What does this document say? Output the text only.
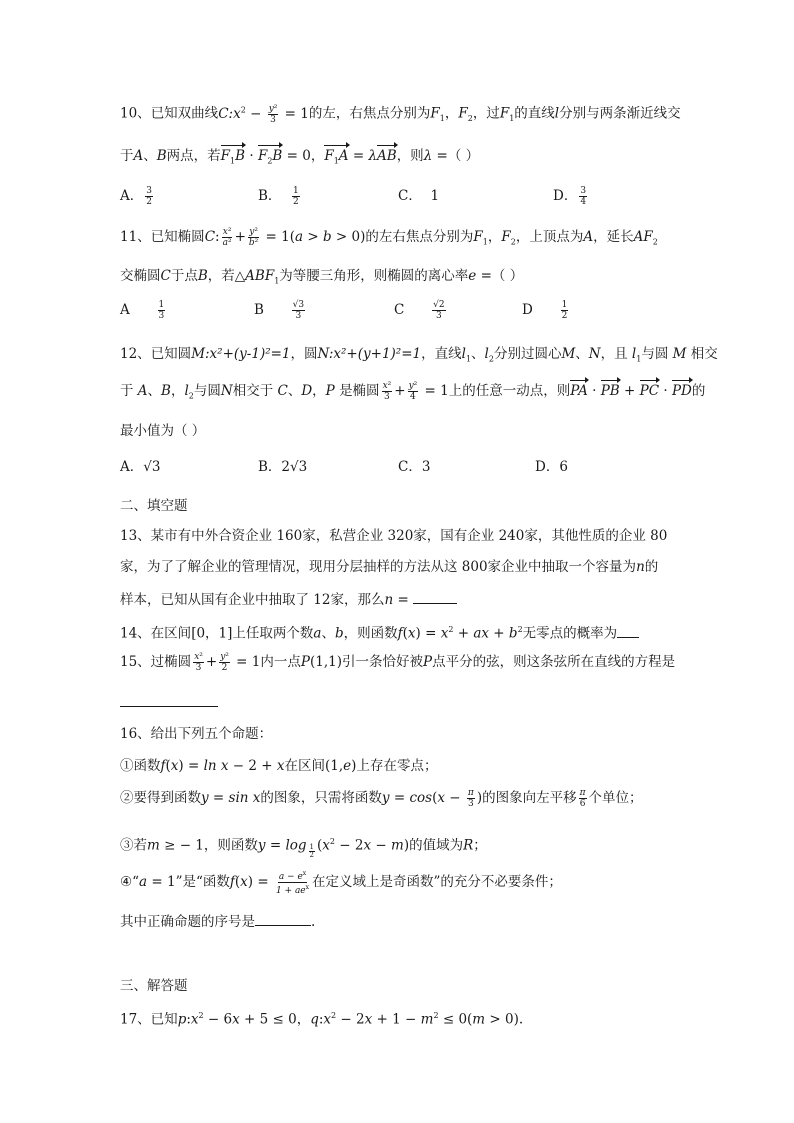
10、已知双曲线$C:x^2 - \frac{\text{y²}}{3} = 1$的左，右焦点分别为$F_1$，$F_2$，过$F_1$的直线l分别与两条渐近线交
于A、B两点，若$F_1B \cdot F_2B = 0$，$F_1A = \lambda AB$，则λ =（ ）
A． $\frac{3}{2}$	B． $\frac{1}{2}$	C． 1	D． $\frac{3}{4}$
11、已知椭圆C: $\frac{\text{x²}}{\text{a²}} + \frac{\text{y²}}{\text{b²}} = 1(a > b > 0)$的左右焦点分别为$F_1$，$F_2$，上顶点为A，延长$AF_2$
交椭圆C于点B，若$\triangle ABF_1$为等腰三角形，则椭圆的离心率e =（ ）
A	$\frac{1}{3}$	B	$\frac{√3}{3}$	C	$\frac{√2}{3}$	D	$\frac{1}{2}$
12、已知圆M:x²+(y-1)²=1，圆N:x²+(y+1)²=1，直线$l_1$、$l_2$分别过圆心M、N，且 $l_1$与圆 M 相交
于 A、B，$l_2$与圆N相交于 C、D，P 是椭圆 $\frac{\text{x²}}{3} + \frac{\text{y²}}{4} = 1$上的任意一动点，则PA · PB + PC · PD的
最小值为（ ）
A．√3	B．2√3	C．3	D．6
二、填空题
13、某市有中外合资企业 160家，私营企业 320家，国有企业 240家，其他性质的企业 80
家，为了了解企业的管理情况，现用分层抽样的方法从这 800家企业中抽取一个容量为n的
样本，已知从国有企业中抽取了 12家，那么n =
14、在区间[0，1]上任取两个数a、b，则函数$f(x) = x^2$ + ax + $b^2$无零点的概率为
15、过椭圆 $\frac{\text{x²}}{3} + \frac{\text{y²}}{2} = 1$内一点P(1,1)引一条恰好被P点平分的弦，则这条弦所在直线的方程是
16、给出下列五个命题：
①函数f(x) = ln x − 2 + x在区间(1,e)上存在零点；
②要得到函数y = sin x的图象，只需将函数$y = \cos(x - \frac{\pi}{3}$ )的图象向左平移 $\frac{\pi}{6}$ 个单位；
③若m ≥ − 1，则函数y = log $_{\frac{1}{2}}$ $(x^2 - 2x - m)$的值域为R；
④“a = 1”是“函数$f(x) = \frac{a - e^x}{1 + ae^x}$ 在定义域上是奇函数”的充分不必要条件；
其中正确命题的序号是	.
三、解答题
17、已知$p:x^2 - 6x + 5 \le 0$，$q:x^2 - 2x + 1 - m^2 \le 0(m > 0)$.
